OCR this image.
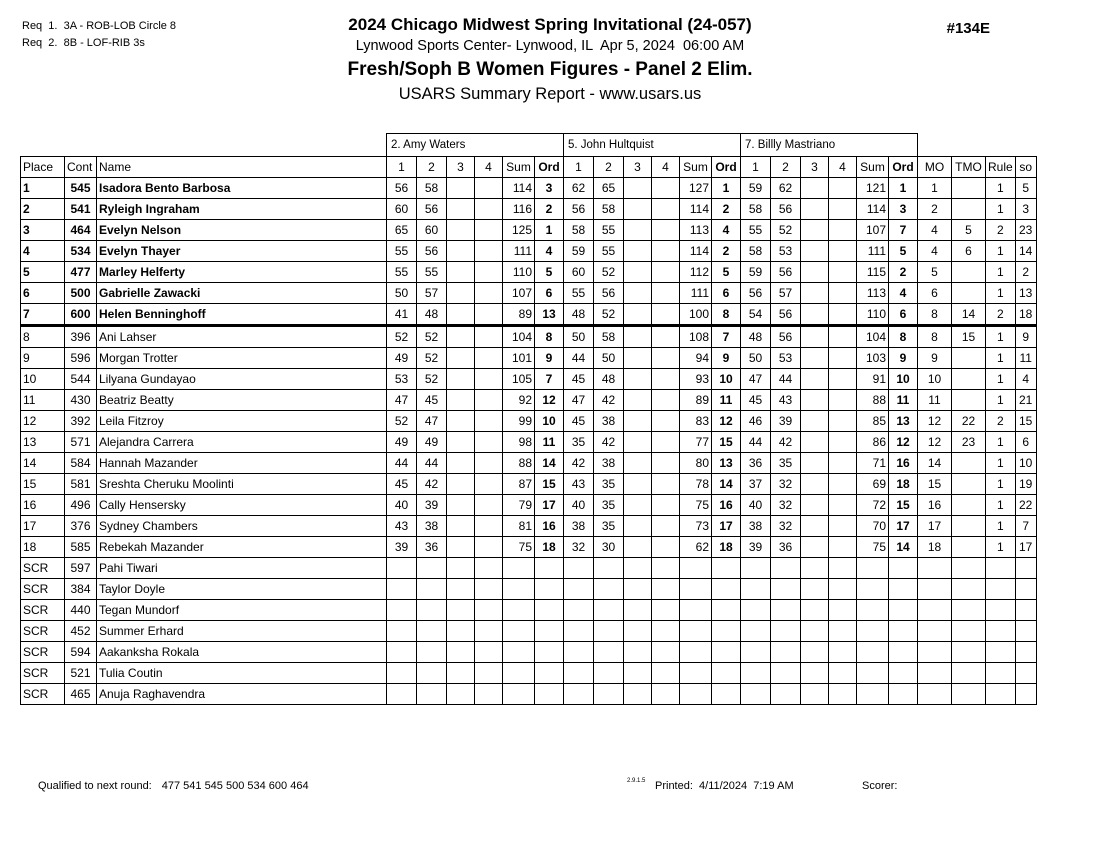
Req  1.  3A - ROB-LOB Circle 8
Req  2.  8B - LOF-RIB 3s
2024 Chicago Midwest Spring Invitational (24-057)
Lynwood Sports Center- Lynwood, IL  Apr 5, 2024  06:00 AM
Fresh/Soph B Women Figures - Panel 2 Elim.
USARS Summary Report - www.usars.us
#134E
			2. Amy Waters						5. John Hultquist						7. Billly Mastriano									
Place	Cont	Name	1	2	3	4	Sum	Ord	1	2	3	4	Sum	Ord	1	2	3	4	Sum	Ord	MO	TMO	Rule	so
1	545	Isadora Bento Barbosa	56	58			114	3	62	65			127	1	59	62			121	1	1		1	5
2	541	Ryleigh Ingraham	60	56			116	2	56	58			114	2	58	56			114	3	2		1	3
3	464	Evelyn Nelson	65	60			125	1	58	55			113	4	55	52			107	7	4	5	2	23
4	534	Evelyn Thayer	55	56			111	4	59	55			114	2	58	53			111	5	4	6	1	14
5	477	Marley Helferty	55	55			110	5	60	52			112	5	59	56			115	2	5		1	2
6	500	Gabrielle Zawacki	50	57			107	6	55	56			111	6	56	57			113	4	6		1	13
7	600	Helen Benninghoff	41	48			89	13	48	52			100	8	54	56			110	6	8	14	2	18
8	396	Ani Lahser	52	52			104	8	50	58			108	7	48	56			104	8	8	15	1	9
9	596	Morgan Trotter	49	52			101	9	44	50			94	9	50	53			103	9	9		1	11
10	544	Lilyana Gundayao	53	52			105	7	45	48			93	10	47	44			91	10	10		1	4
11	430	Beatriz Beatty	47	45			92	12	47	42			89	11	45	43			88	11	11		1	21
12	392	Leila Fitzroy	52	47			99	10	45	38			83	12	46	39			85	13	12	22	2	15
13	571	Alejandra Carrera	49	49			98	11	35	42			77	15	44	42			86	12	12	23	1	6
14	584	Hannah Mazander	44	44			88	14	42	38			80	13	36	35			71	16	14		1	10
15	581	Sreshta Cheruku Moolinti	45	42			87	15	43	35			78	14	37	32			69	18	15		1	19
16	496	Cally Hensersky	40	39			79	17	40	35			75	16	40	32			72	15	16		1	22
17	376	Sydney Chambers	43	38			81	16	38	35			73	17	38	32			70	17	17		1	7
18	585	Rebekah Mazander	39	36			75	18	32	30			62	18	39	36			75	14	18		1	17
SCR	597	Pahi Tiwari																						
SCR	384	Taylor Doyle																						
SCR	440	Tegan Mundorf																						
SCR	452	Summer Erhard																						
SCR	594	Aakanksha Rokala																						
SCR	521	Tulia Coutin																						
SCR	465	Anuja Raghavendra																						
Qualified to next round: 477 541 545 500 534 600 464	2.9.1.5 Printed:  4/11/2024  7:19 AM	Scorer:
